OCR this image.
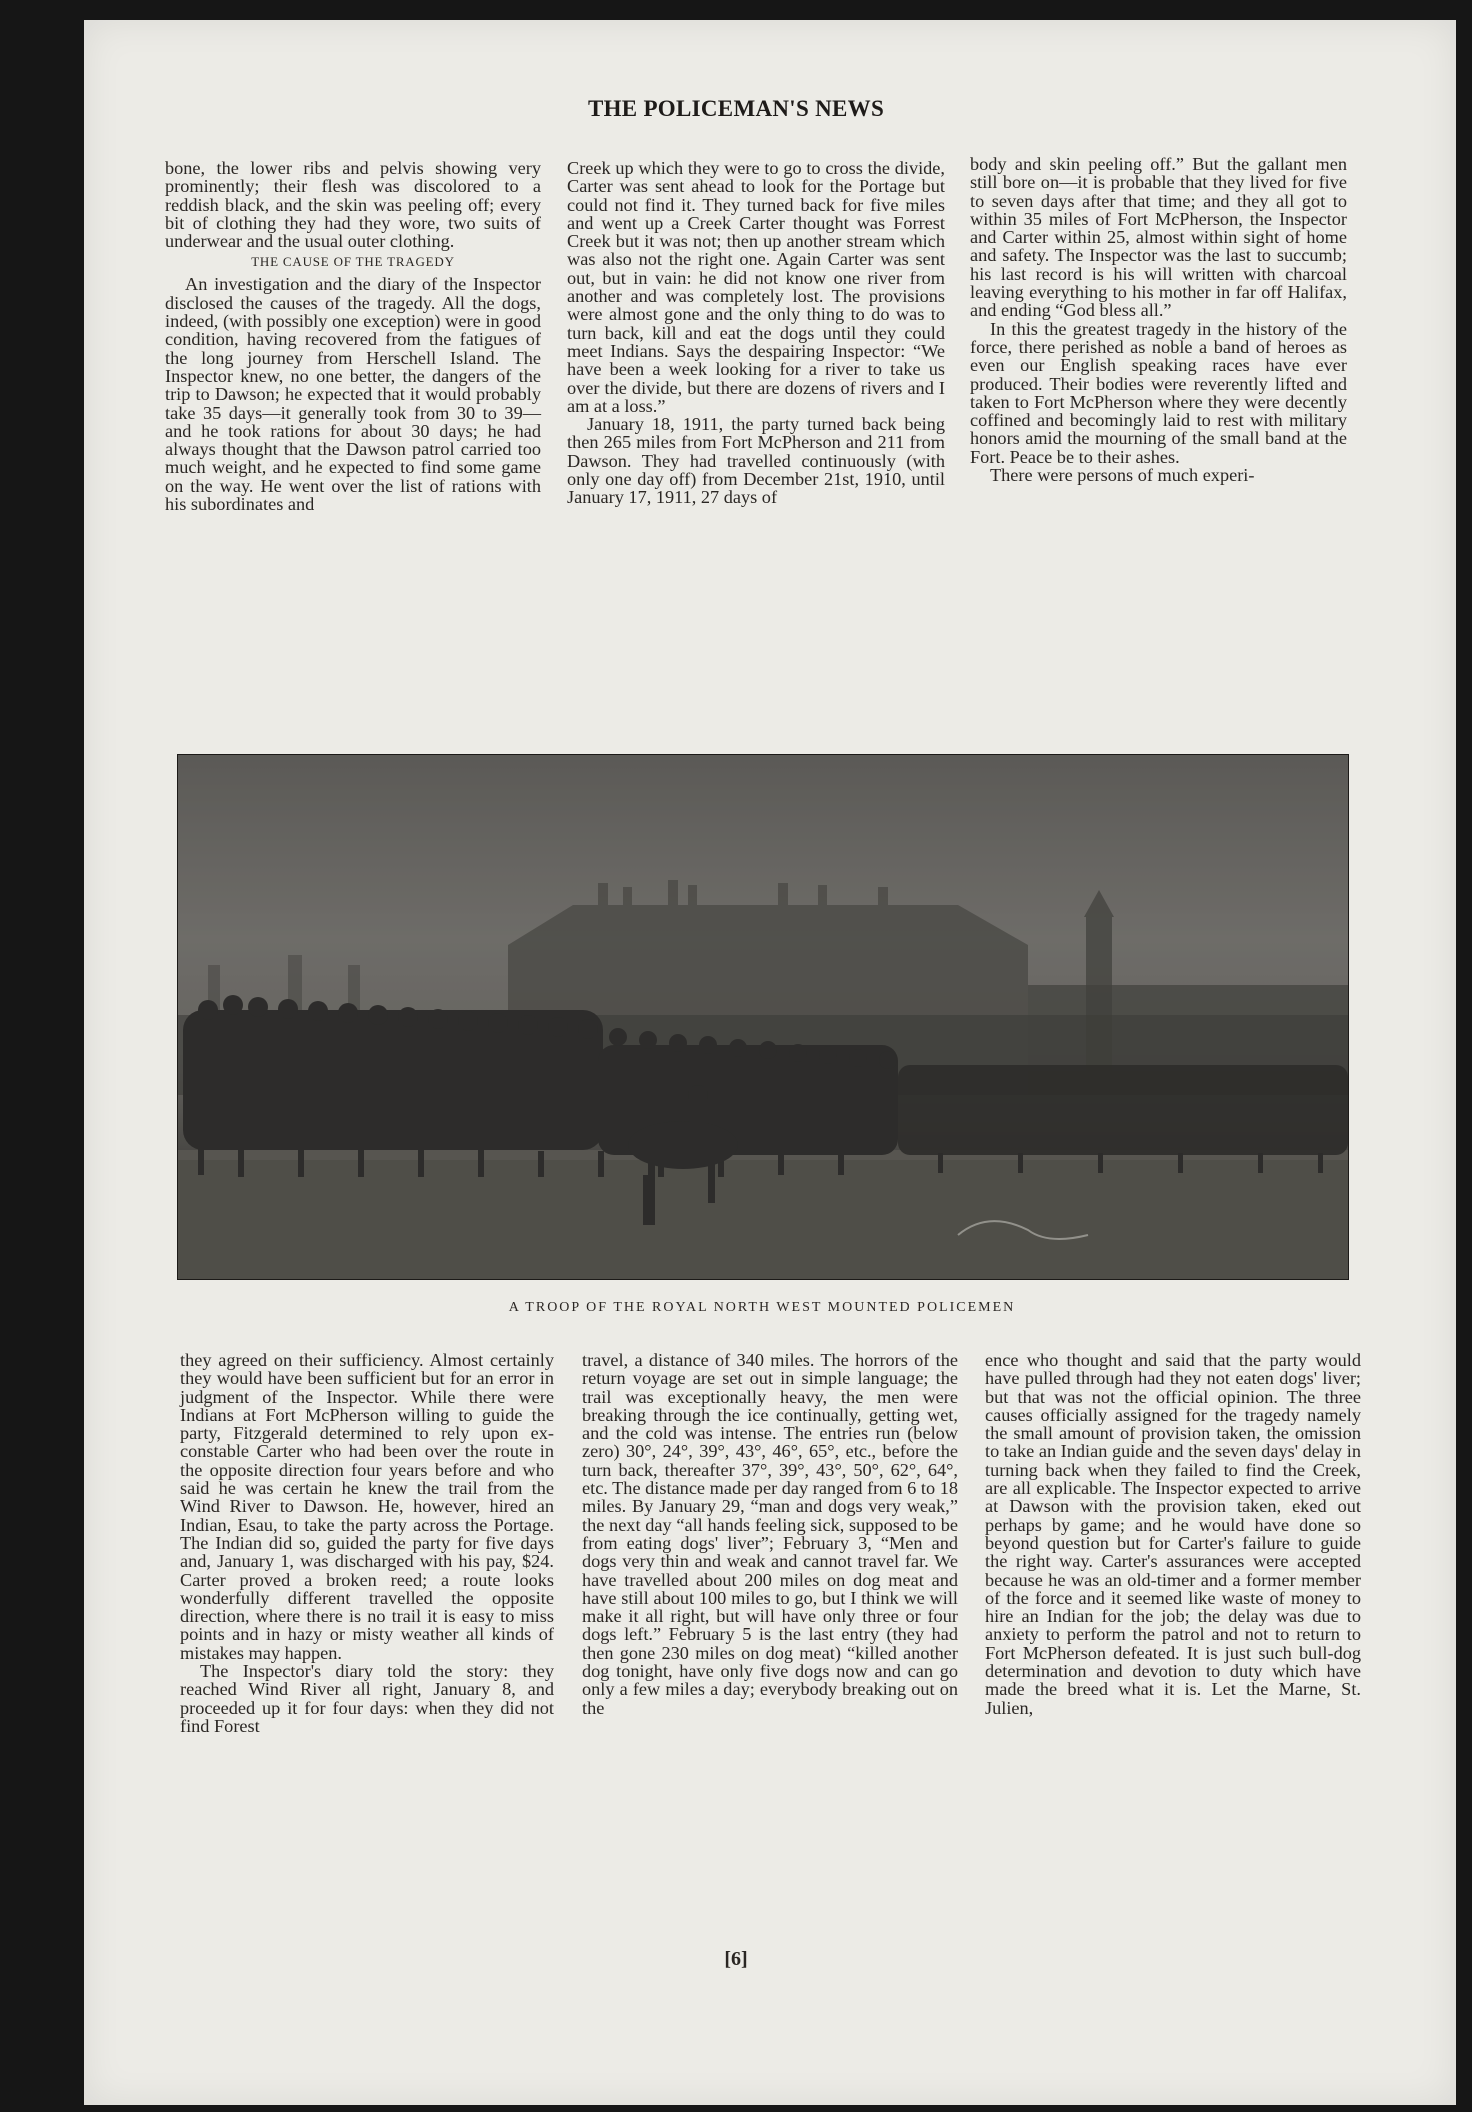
THE POLICEMAN'S NEWS

bone, the lower ribs and pelvis showing very prominently; their flesh was discolored to a reddish black, and the skin was peeling off; every bit of clothing they had they wore, two suits of underwear and the usual outer clothing.

THE CAUSE OF THE TRAGEDY

An investigation and the diary of the Inspector disclosed the causes of the tragedy. All the dogs, indeed, (with possibly one exception) were in good condition, having recovered from the fatigues of the long journey from Herschell Island. The Inspector knew, no one better, the dangers of the trip to Dawson; he expected that it would probably take 35 days—it generally took from 30 to 39—and he took rations for about 30 days; he had always thought that the Dawson patrol carried too much weight, and he expected to find some game on the way. He went over the list of rations with his subordinates and

Creek up which they were to go to cross the divide, Carter was sent ahead to look for the Portage but could not find it. They turned back for five miles and went up a Creek Carter thought was Forrest Creek but it was not; then up another stream which was also not the right one. Again Carter was sent out, but in vain: he did not know one river from another and was completely lost. The provisions were almost gone and the only thing to do was to turn back, kill and eat the dogs until they could meet Indians. Says the despairing Inspector: “We have been a week looking for a river to take us over the divide, but there are dozens of rivers and I am at a loss.”

January 18, 1911, the party turned back being then 265 miles from Fort McPherson and 211 from Dawson. They had travelled continuously (with only one day off) from December 21st, 1910, until January 17, 1911, 27 days of

body and skin peeling off.” But the gallant men still bore on—it is probable that they lived for five to seven days after that time; and they all got to within 35 miles of Fort McPherson, the Inspector and Carter within 25, almost within sight of home and safety. The Inspector was the last to succumb; his last record is his will written with charcoal leaving everything to his mother in far off Halifax, and ending “God bless all.”

In this the greatest tragedy in the history of the force, there perished as noble a band of heroes as even our English speaking races have ever produced. Their bodies were reverently lifted and taken to Fort McPherson where they were decently coffined and becomingly laid to rest with military honors amid the mourning of the small band at the Fort. Peace be to their ashes.

There were persons of much experi-

A TROOP OF THE ROYAL NORTH WEST MOUNTED POLICEMEN

they agreed on their sufficiency. Almost certainly they would have been sufficient but for an error in judgment of the Inspector. While there were Indians at Fort McPherson willing to guide the party, Fitzgerald determined to rely upon ex-constable Carter who had been over the route in the opposite direction four years before and who said he was certain he knew the trail from the Wind River to Dawson. He, however, hired an Indian, Esau, to take the party across the Portage. The Indian did so, guided the party for five days and, January 1, was discharged with his pay, $24. Carter proved a broken reed; a route looks wonderfully different travelled the opposite direction, where there is no trail it is easy to miss points and in hazy or misty weather all kinds of mistakes may happen.

The Inspector's diary told the story: they reached Wind River all right, January 8, and proceeded up it for four days: when they did not find Forest

travel, a distance of 340 miles. The horrors of the return voyage are set out in simple language; the trail was exceptionally heavy, the men were breaking through the ice continually, getting wet, and the cold was intense. The entries run (below zero) 30°, 24°, 39°, 43°, 46°, 65°, etc., before the turn back, thereafter 37°, 39°, 43°, 50°, 62°, 64°, etc. The distance made per day ranged from 6 to 18 miles. By January 29, “man and dogs very weak,” the next day “all hands feeling sick, supposed to be from eating dogs' liver”; February 3, “Men and dogs very thin and weak and cannot travel far. We have travelled about 200 miles on dog meat and have still about 100 miles to go, but I think we will make it all right, but will have only three or four dogs left.” February 5 is the last entry (they had then gone 230 miles on dog meat) “killed another dog tonight, have only five dogs now and can go only a few miles a day; everybody breaking out on the

ence who thought and said that the party would have pulled through had they not eaten dogs' liver; but that was not the official opinion. The three causes officially assigned for the tragedy namely the small amount of provision taken, the omission to take an Indian guide and the seven days' delay in turning back when they failed to find the Creek, are all explicable. The Inspector expected to arrive at Dawson with the provision taken, eked out perhaps by game; and he would have done so beyond question but for Carter's failure to guide the right way. Carter's assurances were accepted because he was an old-timer and a former member of the force and it seemed like waste of money to hire an Indian for the job; the delay was due to anxiety to perform the patrol and not to return to Fort McPherson defeated. It is just such bull-dog determination and devotion to duty which have made the breed what it is. Let the Marne, St. Julien,

[6]
